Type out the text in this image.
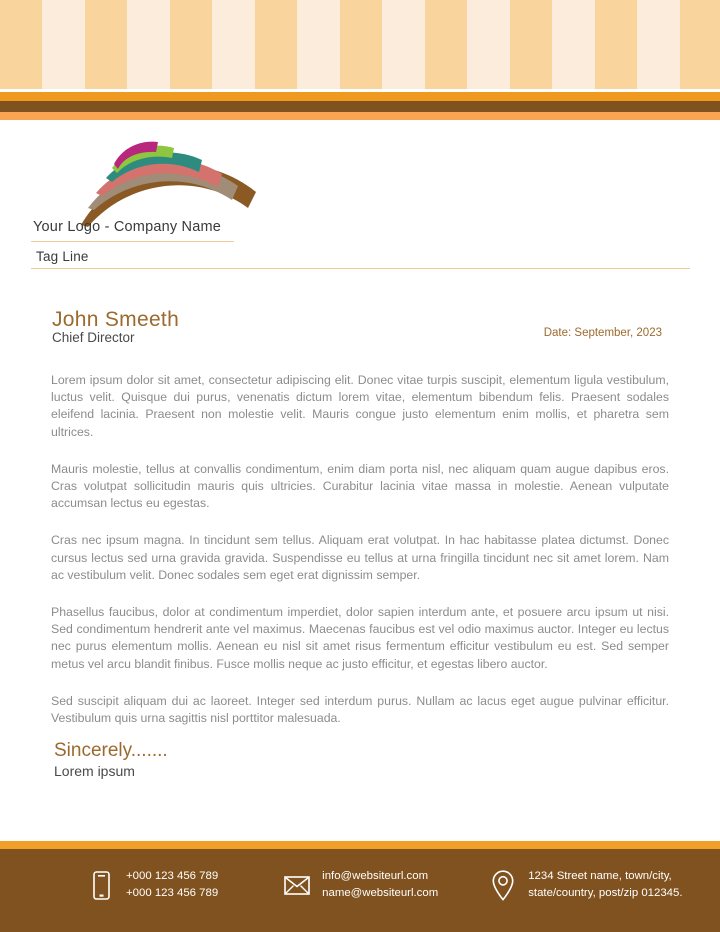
Your Logo - Company Name
Tag Line
John Smeeth
Chief Director	Date: September, 2023

Lorem ipsum dolor sit amet, consectetur adipiscing elit. Donec vitae turpis suscipit, elementum ligula vestibulum, luctus velit. Quisque dui purus, venenatis dictum lorem vitae, elementum bibendum felis. Praesent sodales eleifend lacinia. Praesent non molestie velit. Mauris congue justo elementum enim mollis, et pharetra sem ultrices.

Mauris molestie, tellus at convallis condimentum, enim diam porta nisl, nec aliquam quam augue dapibus eros. Cras volutpat sollicitudin mauris quis ultricies. Curabitur lacinia vitae massa in molestie. Aenean vulputate accumsan lectus eu egestas.

Cras nec ipsum magna. In tincidunt sem tellus. Aliquam erat volutpat. In hac habitasse platea dictumst. Donec cursus lectus sed urna gravida gravida. Suspendisse eu tellus at urna fringilla tincidunt nec sit amet lorem. Nam ac vestibulum velit. Donec sodales sem eget erat dignissim semper.

Phasellus faucibus, dolor at condimentum imperdiet, dolor sapien interdum ante, et posuere arcu ipsum ut nisi. Sed condimentum hendrerit ante vel maximus. Maecenas faucibus est vel odio maximus auctor. Integer eu lectus nec purus elementum mollis. Aenean eu nisl sit amet risus fermentum efficitur vestibulum eu est. Sed semper metus vel arcu blandit finibus. Fusce mollis neque ac justo efficitur, et egestas libero auctor.

Sed suscipit aliquam dui ac laoreet. Integer sed interdum purus. Nullam ac lacus eget augue pulvinar efficitur. Vestibulum quis urna sagittis nisl porttitor malesuada.

Sincerely.......
Lorem ipsum
+000 123 456 789
+000 123 456 789
info@websiteurl.com
name@websiteurl.com
1234 Street name, town/city,
state/country, post/zip 012345.
